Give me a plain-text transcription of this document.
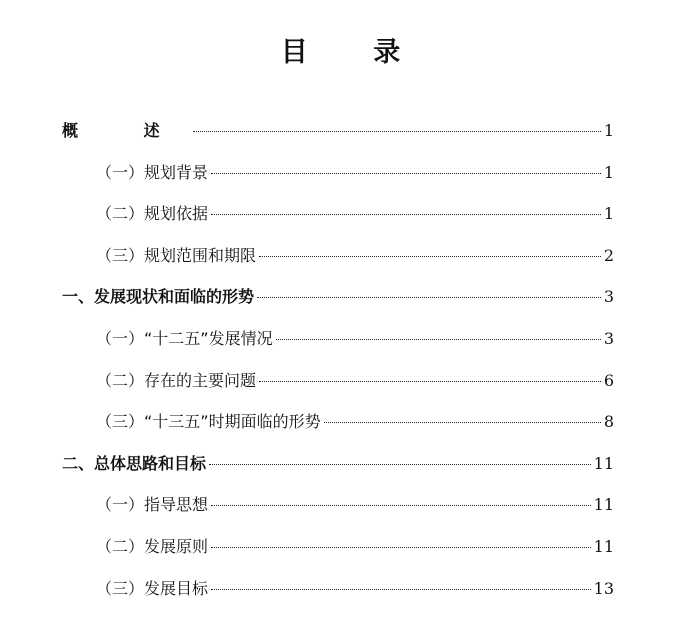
目 录
概 述	1
（一）规划背景	1
（二）规划依据	1
（三）规划范围和期限	2
一、发展现状和面临的形势	3
（一）“十二五”发展情况	3
（二）存在的主要问题	6
（三）“十三五”时期面临的形势	8
二、总体思路和目标	11
（一）指导思想	11
（二）发展原则	11
（三）发展目标	13
